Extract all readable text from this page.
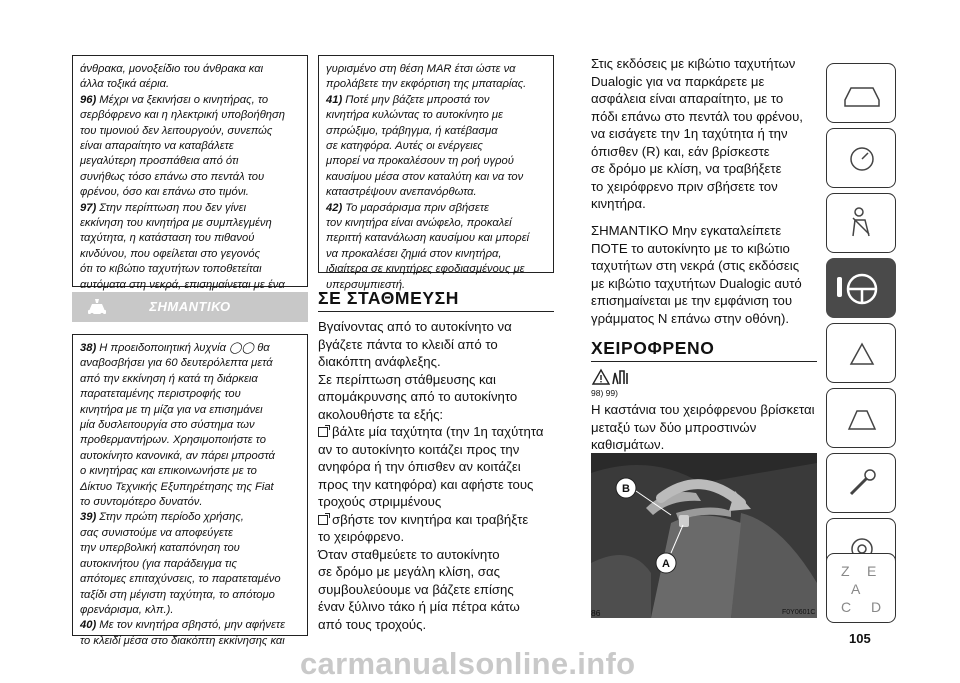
άνθρακα, μονοξείδιο του άνθρακα και
άλλα τοξικά αέρια.
96) Μέχρι να ξεκινήσει ο κινητήρας, το
σερβόφρενο και η ηλεκτρική υποβοήθηση
του τιμονιού δεν λειτουργούν, συνεπώς
είναι απαραίτητο να καταβάλετε
μεγαλύτερη προσπάθεια από ότι
συνήθως τόσο επάνω στο πεντάλ του
φρένου, όσο και επάνω στο τιμόνι.
97) Στην περίπτωση που δεν γίνει
εκκίνηση του κινητήρα με συμπλεγμένη
ταχύτητα, η κατάσταση του πιθανού
κινδύνου, που οφείλεται στο γεγονός
ότι το κιβώτιο ταχυτήτων τοποθετείται
αυτόματα στη νεκρά, επισημαίνεται με ένα
ΣΗΜΑΝΤΙΚΟ
38) Η προειδοποιητική λυχνία ◯◯ θα
αναβοσβήσει για 60 δευτερόλεπτα μετά
από την εκκίνηση ή κατά τη διάρκεια
παρατεταμένης περιστροφής του
κινητήρα με τη μίζα για να επισημάνει
μία δυσλειτουργία στο σύστημα των
προθερμαντήρων. Χρησιμοποιήστε το
αυτοκίνητο κανονικά, αν πάρει μπροστά
ο κινητήρας και επικοινωνήστε με το
Δίκτυο Τεχνικής Εξυπηρέτησης της Fiat
το συντομότερο δυνατόν.
39) Στην πρώτη περίοδο χρήσης,
σας συνιστούμε να αποφεύγετε
την υπερβολική καταπόνηση του
αυτοκινήτου (για παράδειγμα τις
απότομες επιταχύνσεις, το παρατεταμένο
ταξίδι στη μέγιστη ταχύτητα, το απότομο
φρενάρισμα, κλπ.).
40) Με τον κινητήρα σβηστό, μην αφήνετε
το κλειδί μέσα στο διακόπτη εκκίνησης και
γυρισμένο στη θέση MAR έτσι ώστε να
προλάβετε την εκφόρτιση της μπαταρίας.
41) Ποτέ μην βάζετε μπροστά τον
κινητήρα κυλώντας το αυτοκίνητο με
σπρώξιμο, τράβηγμα, ή κατέβασμα
σε κατηφόρα. Αυτές οι ενέργειες
μπορεί να προκαλέσουν τη ροή υγρού
καυσίμου μέσα στον καταλύτη και να τον
καταστρέψουν ανεπανόρθωτα.
42) Το μαρσάρισμα πριν σβήσετε
τον κινητήρα είναι ανώφελο, προκαλεί
περιττή κατανάλωση καυσίμου και μπορεί
να προκαλέσει ζημιά στον κινητήρα,
ιδιαίτερα σε κινητήρες εφοδιασμένους με
υπερσυμπιεστή.
ΣΕ ΣΤΑΘΜΕΥΣΗ
Βγαίνοντας από το αυτοκίνητο να
βγάζετε πάντα το κλειδί από το
διακόπτη ανάφλεξης.
Σε περίπτωση στάθμευσης και
απομάκρυνσης από το αυτοκίνητο
ακολουθήστε τα εξής:
βάλτε μία ταχύτητα (την 1η ταχύτητα
αν το αυτοκίνητο κοιτάζει προς την
ανηφόρα ή την όπισθεν αν κοιτάζει
προς την κατηφόρα) και αφήστε τους
τροχούς στριμμένους
σβήστε τον κινητήρα και τραβήξτε
το χειρόφρενο.
Όταν σταθμεύετε το αυτοκίνητο
σε δρόμο με μεγάλη κλίση, σας
συμβουλεύουμε να βάζετε επίσης
έναν ξύλινο τάκο ή μία πέτρα κάτω
από τους τροχούς.
Στις εκδόσεις με κιβώτιο ταχυτήτων
Dualogic για να παρκάρετε με
ασφάλεια είναι απαραίτητο, με το
πόδι επάνω στο πεντάλ του φρένου,
να εισάγετε την 1η ταχύτητα ή την
όπισθεν (R) και, εάν βρίσκεστε
σε δρόμο με κλίση, να τραβήξετε
το χειρόφρενο πριν σβήσετε τον
κινητήρα.
ΣΗΜΑΝΤΙΚΟ Μην εγκαταλείπετε
ΠΟΤΕ το αυτοκίνητο με το κιβώτιο
ταχυτήτων στη νεκρά (στις εκδόσεις
με κιβώτιο ταχυτήτων Dualogic αυτό
επισημαίνεται με την εμφάνιση του
γράμματος N επάνω στην οθόνη).
ΧΕΙΡΟΦΡΕΝΟ
98) 99)
Η καστάνια του χειρόφρενου βρίσκεται
μεταξύ των δύο μπροστινών
καθισμάτων.
B
A
86	F0Y0601C
Z E
A
C D
105
carmanualsonline.info
